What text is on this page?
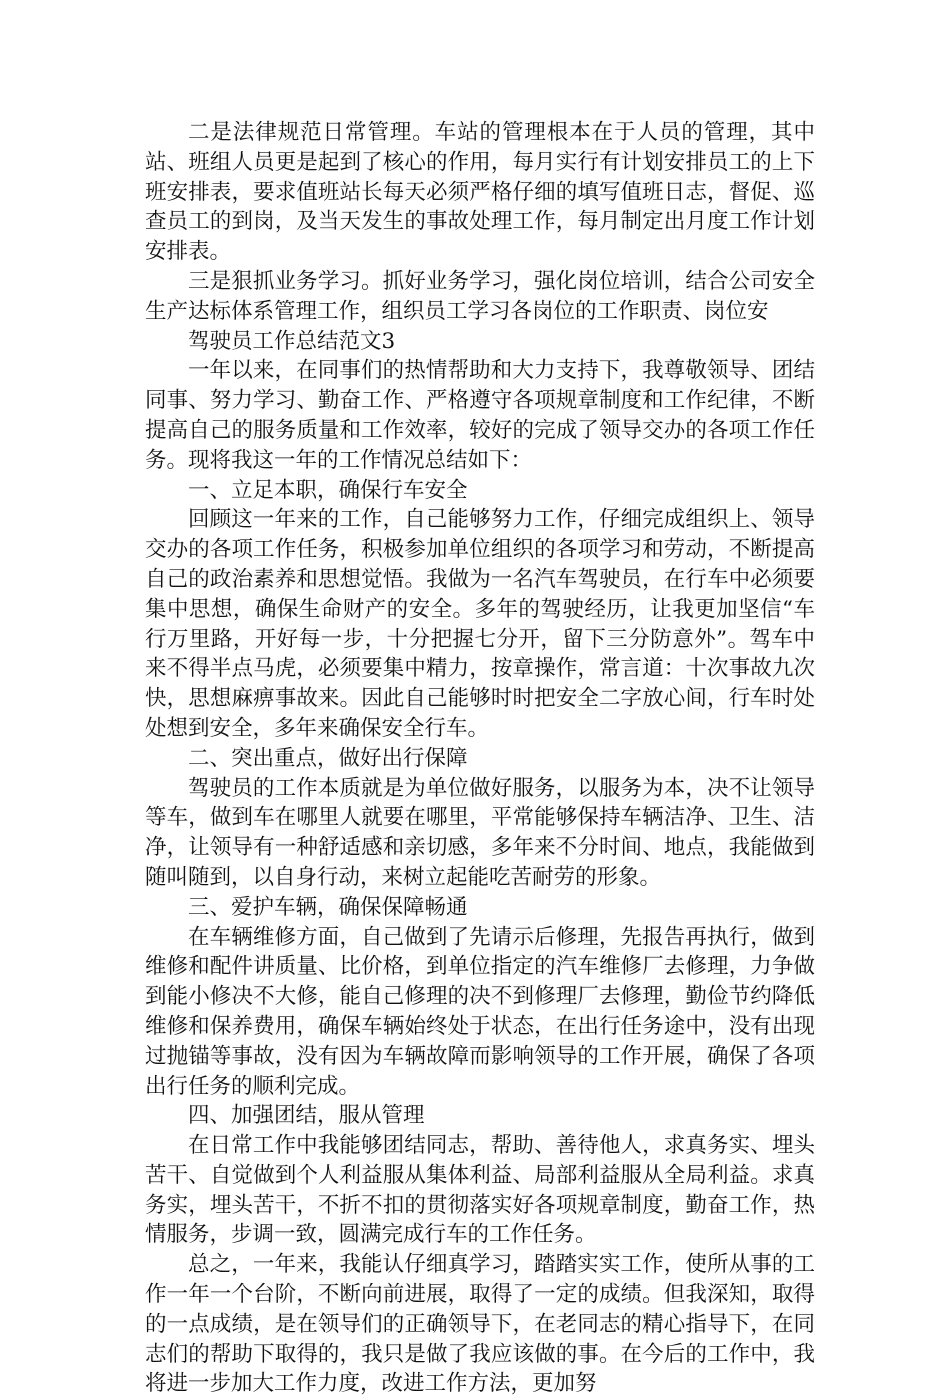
二是法律规范日常管理。车站的管理根本在于人员的管理，其中站、班组人员更是起到了核心的作用，每月实行有计划安排员工的上下班安排表，要求值班站长每天必须严格仔细的填写值班日志，督促、巡查员工的到岗，及当天发生的事故处理工作，每月制定出月度工作计划安排表。

三是狠抓业务学习。抓好业务学习，强化岗位培训，结合公司安全生产达标体系管理工作，组织员工学习各岗位的工作职责、岗位安

驾驶员工作总结范文3

一年以来，在同事们的热情帮助和大力支持下，我尊敬领导、团结同事、努力学习、勤奋工作、严格遵守各项规章制度和工作纪律，不断提高自己的服务质量和工作效率，较好的完成了领导交办的各项工作任务。现将我这一年的工作情况总结如下：

一、立足本职，确保行车安全

回顾这一年来的工作，自己能够努力工作，仔细完成组织上、领导交办的各项工作任务，积极参加单位组织的各项学习和劳动，不断提高自己的政治素养和思想觉悟。我做为一名汽车驾驶员，在行车中必须要集中思想，确保生命财产的安全。多年的驾驶经历，让我更加坚信“车行万里路，开好每一步，十分把握七分开，留下三分防意外”。驾车中来不得半点马虎，必须要集中精力，按章操作，常言道：十次事故九次快，思想麻痹事故来。因此自己能够时时把安全二字放心间，行车时处处想到安全，多年来确保安全行车。

二、突出重点，做好出行保障

驾驶员的工作本质就是为单位做好服务，以服务为本，决不让领导等车，做到车在哪里人就要在哪里，平常能够保持车辆洁净、卫生、洁净，让领导有一种舒适感和亲切感，多年来不分时间、地点，我能做到随叫随到，以自身行动，来树立起能吃苦耐劳的形象。

三、爱护车辆，确保保障畅通

在车辆维修方面，自己做到了先请示后修理，先报告再执行，做到维修和配件讲质量、比价格，到单位指定的汽车维修厂去修理，力争做到能小修决不大修，能自己修理的决不到修理厂去修理，勤俭节约降低维修和保养费用，确保车辆始终处于状态，在出行任务途中，没有出现过抛锚等事故，没有因为车辆故障而影响领导的工作开展，确保了各项出行任务的顺利完成。

四、加强团结，服从管理

在日常工作中我能够团结同志，帮助、善待他人，求真务实、埋头苦干、自觉做到个人利益服从集体利益、局部利益服从全局利益。求真务实，埋头苦干，不折不扣的贯彻落实好各项规章制度，勤奋工作，热情服务，步调一致，圆满完成行车的工作任务。

总之，一年来，我能认仔细真学习，踏踏实实工作，使所从事的工作一年一个台阶，不断向前进展，取得了一定的成绩。但我深知，取得的一点成绩，是在领导们的正确领导下，在老同志的精心指导下，在同志们的帮助下取得的，我只是做了我应该做的事。在今后的工作中，我将进一步加大工作力度，改进工作方法，更加努
